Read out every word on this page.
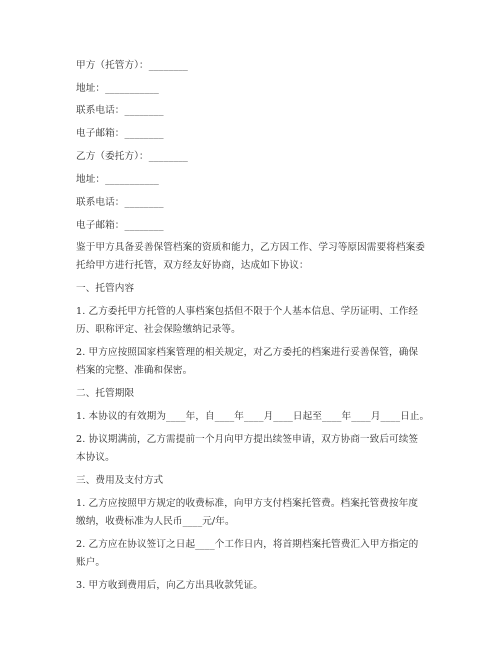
甲方（托管方）：________
地址：___________
联系电话：________
电子邮箱：________
乙方（委托方）：________
地址：___________
联系电话：________
电子邮箱：________
鉴于甲方具备妥善保管档案的资质和能力，乙方因工作、学习等原因需要将档案委
托给甲方进行托管，双方经友好协商，达成如下协议：
一、托管内容
1. 乙方委托甲方托管的人事档案包括但不限于个人基本信息、学历证明、工作经
历、职称评定、社会保险缴纳记录等。
2. 甲方应按照国家档案管理的相关规定，对乙方委托的档案进行妥善保管，确保
档案的完整、准确和保密。
二、托管期限
1. 本协议的有效期为____年，自____年____月____日起至____年____月____日止。
2. 协议期满前，乙方需提前一个月向甲方提出续签申请，双方协商一致后可续签
本协议。
三、费用及支付方式
1. 乙方应按照甲方规定的收费标准，向甲方支付档案托管费。档案托管费按年度
缴纳，收费标准为人民币____元/年。
2. 乙方应在协议签订之日起____个工作日内，将首期档案托管费汇入甲方指定的
账户。
3. 甲方收到费用后，向乙方出具收款凭证。
